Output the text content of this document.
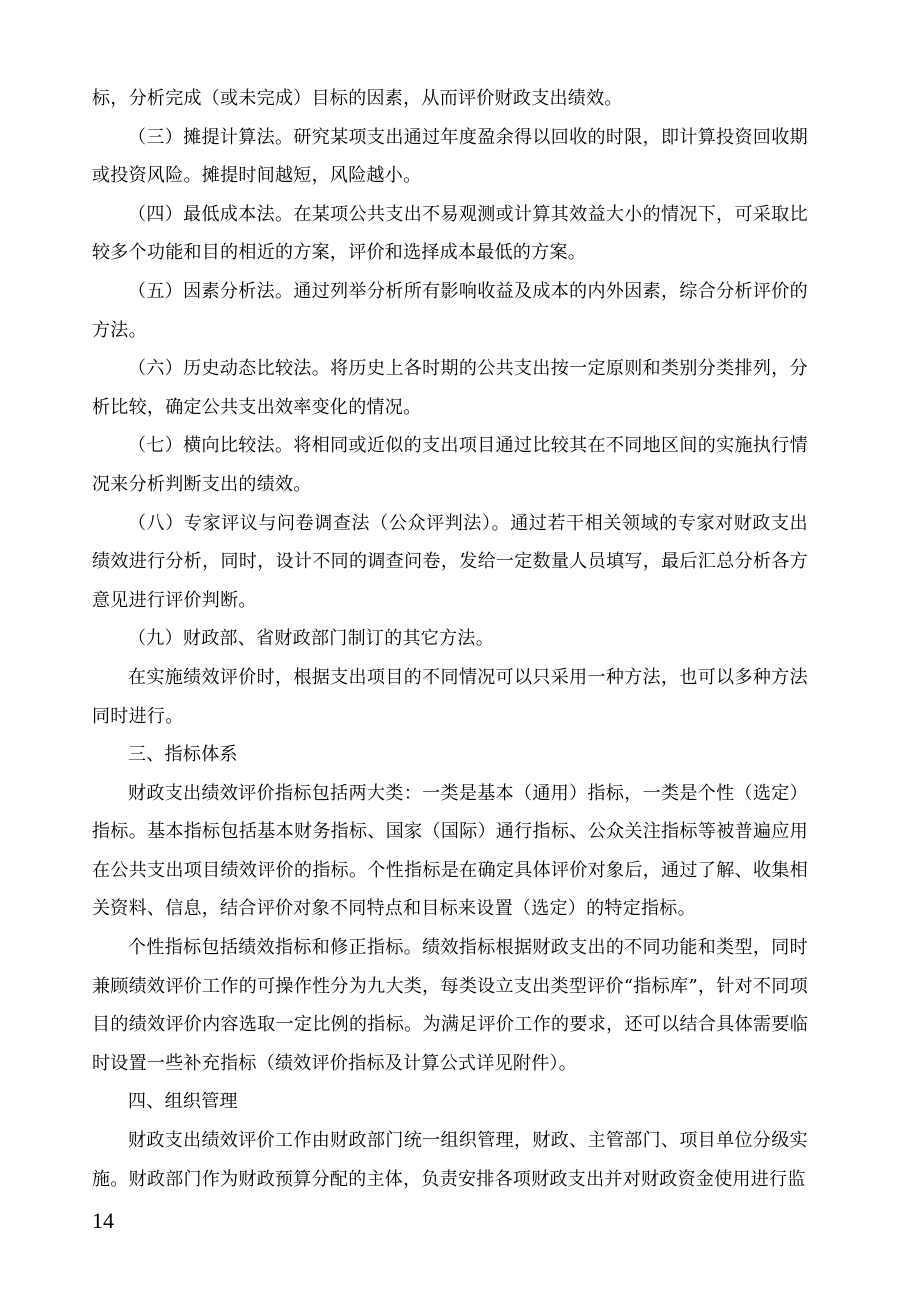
标，分析完成（或未完成）目标的因素，从而评价财政支出绩效。

（三）摊提计算法。研究某项支出通过年度盈余得以回收的时限，即计算投资回收期或投资风险。摊提时间越短，风险越小。

（四）最低成本法。在某项公共支出不易观测或计算其效益大小的情况下，可采取比较多个功能和目的相近的方案，评价和选择成本最低的方案。

（五）因素分析法。通过列举分析所有影响收益及成本的内外因素，综合分析评价的方法。

（六）历史动态比较法。将历史上各时期的公共支出按一定原则和类别分类排列，分析比较，确定公共支出效率变化的情况。

（七）横向比较法。将相同或近似的支出项目通过比较其在不同地区间的实施执行情况来分析判断支出的绩效。

（八）专家评议与问卷调查法（公众评判法）。通过若干相关领域的专家对财政支出绩效进行分析，同时，设计不同的调查问卷，发给一定数量人员填写，最后汇总分析各方意见进行评价判断。

（九）财政部、省财政部门制订的其它方法。

在实施绩效评价时，根据支出项目的不同情况可以只采用一种方法，也可以多种方法同时进行。

三、指标体系

财政支出绩效评价指标包括两大类：一类是基本（通用）指标，一类是个性（选定）指标。基本指标包括基本财务指标、国家（国际）通行指标、公众关注指标等被普遍应用在公共支出项目绩效评价的指标。个性指标是在确定具体评价对象后，通过了解、收集相关资料、信息，结合评价对象不同特点和目标来设置（选定）的特定指标。

个性指标包括绩效指标和修正指标。绩效指标根据财政支出的不同功能和类型，同时兼顾绩效评价工作的可操作性分为九大类，每类设立支出类型评价“指标库”，针对不同项目的绩效评价内容选取一定比例的指标。为满足评价工作的要求，还可以结合具体需要临时设置一些补充指标（绩效评价指标及计算公式详见附件）。

四、组织管理

财政支出绩效评价工作由财政部门统一组织管理，财政、主管部门、项目单位分级实施。财政部门作为财政预算分配的主体，负责安排各项财政支出并对财政资金使用进行监

14
